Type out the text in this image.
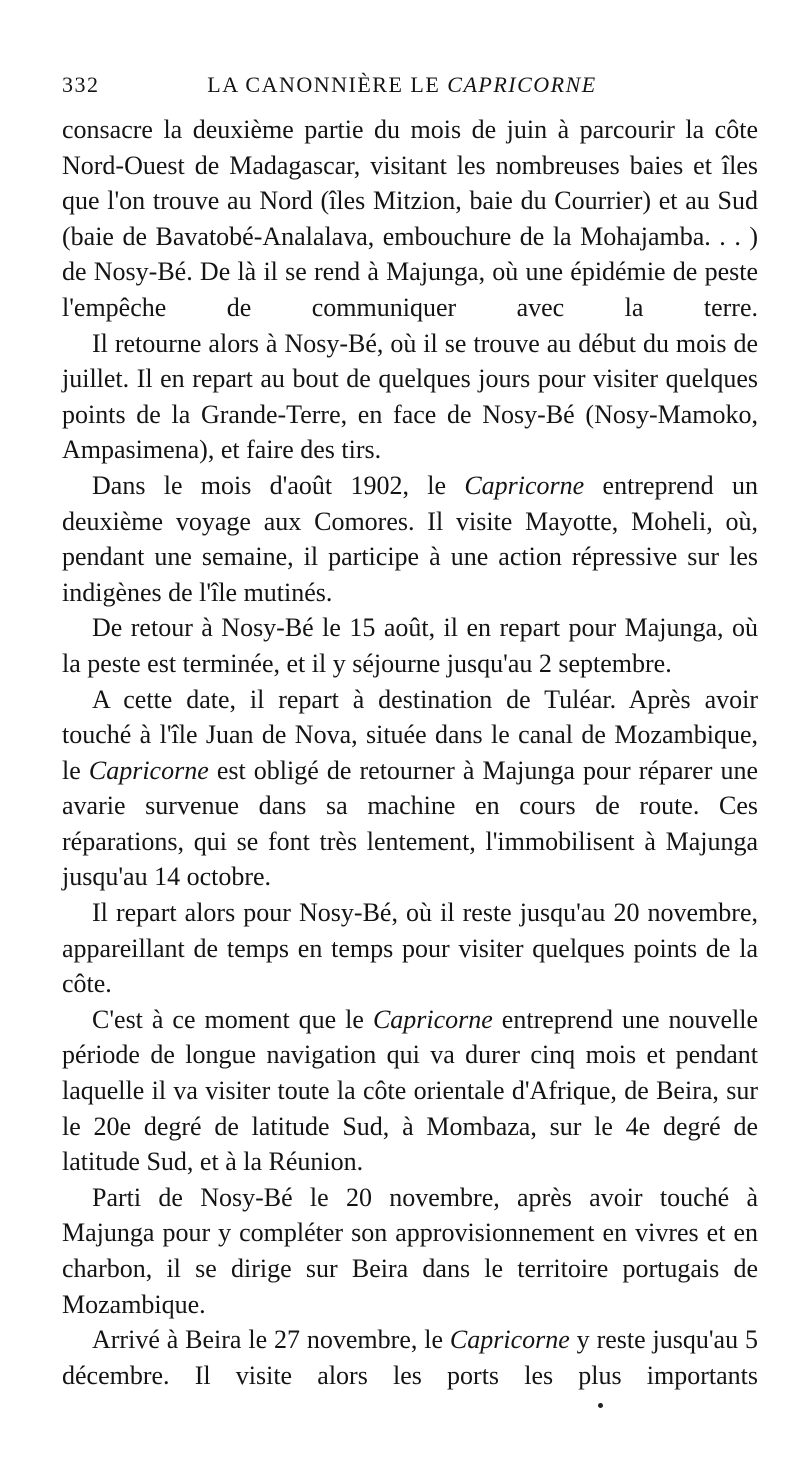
332	LA CANONNIÈRE LE CAPRICORNE

consacre la deuxième partie du mois de juin à parcourir la côte Nord-Ouest de Madagascar, visitant les nombreuses baies et îles que l'on trouve au Nord (îles Mitzion, baie du Courrier) et au Sud (baie de Bavatobé-Analalava, embouchure de la Mohajamba. . . ) de Nosy-Bé. De là il se rend à Majunga, où une épidémie de peste l'empêche de communiquer avec la terre.

Il retourne alors à Nosy-Bé, où il se trouve au début du mois de juillet. Il en repart au bout de quelques jours pour visiter quelques points de la Grande-Terre, en face de Nosy-Bé (Nosy-Mamoko, Ampasimena), et faire des tirs.

Dans le mois d'août 1902, le Capricorne entreprend un deuxième voyage aux Comores. Il visite Mayotte, Moheli, où, pendant une semaine, il participe à une action répressive sur les indigènes de l'île mutinés.

De retour à Nosy-Bé le 15 août, il en repart pour Majunga, où la peste est terminée, et il y séjourne jusqu'au 2 septembre.

A cette date, il repart à destination de Tuléar. Après avoir touché à l'île Juan de Nova, située dans le canal de Mozambique, le Capricorne est obligé de retourner à Majunga pour réparer une avarie survenue dans sa machine en cours de route. Ces réparations, qui se font très lentement, l'immobilisent à Majunga jusqu'au 14 octobre.

Il repart alors pour Nosy-Bé, où il reste jusqu'au 20 novembre, appareillant de temps en temps pour visiter quelques points de la côte.

C'est à ce moment que le Capricorne entreprend une nouvelle période de longue navigation qui va durer cinq mois et pendant laquelle il va visiter toute la côte orientale d'Afrique, de Beira, sur le 20e degré de latitude Sud, à Mombaza, sur le 4e degré de latitude Sud, et à la Réunion.

Parti de Nosy-Bé le 20 novembre, après avoir touché à Majunga pour y compléter son approvisionnement en vivres et en charbon, il se dirige sur Beira dans le territoire portugais de Mozambique.

Arrivé à Beira le 27 novembre, le Capricorne y reste jusqu'au 5 décembre. Il visite alors les ports les plus importants
